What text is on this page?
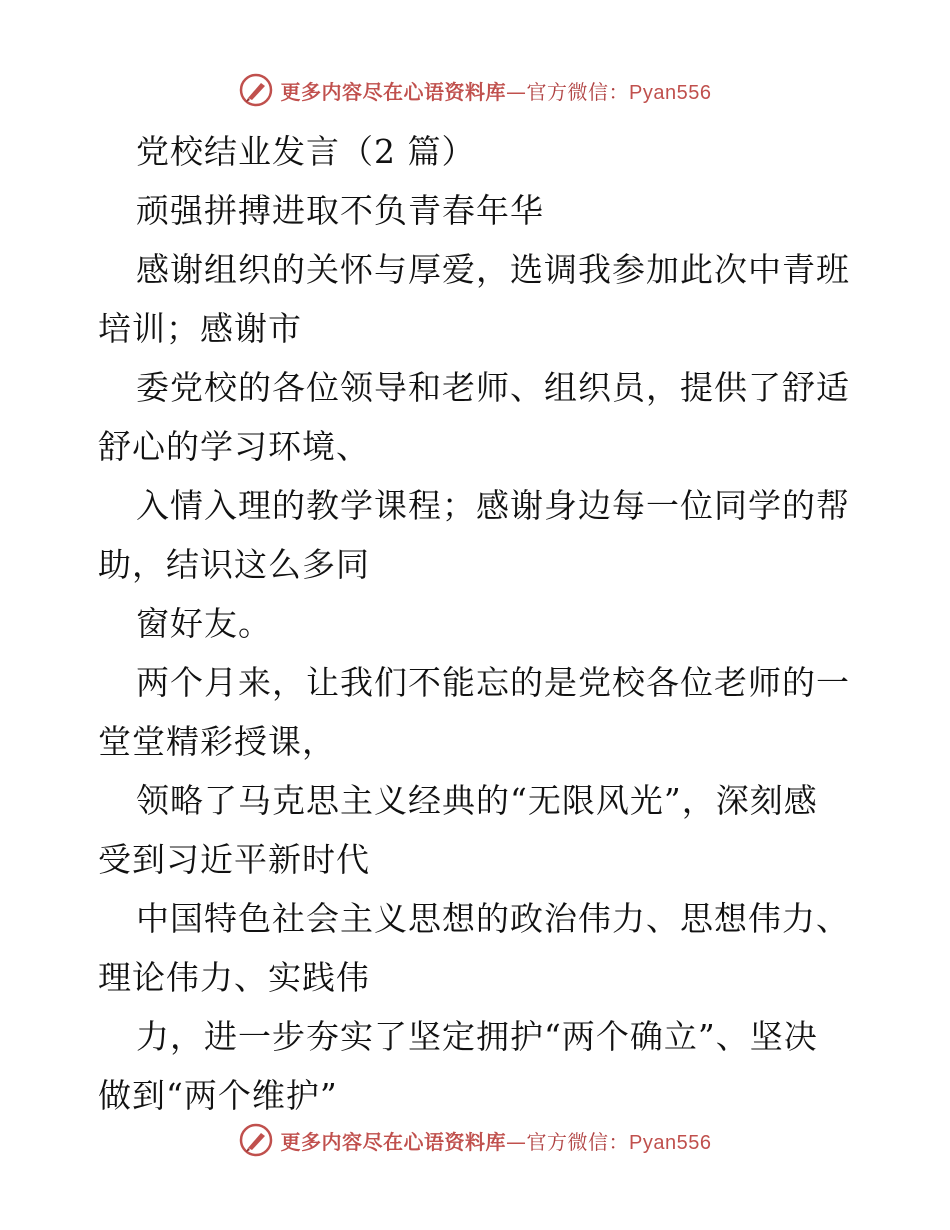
更多内容尽在心语资料库—官方微信：Pyan556
党校结业发言（2 篇）
顽强拼搏进取不负青春年华
感谢组织的关怀与厚爱，选调我参加此次中青班
培训；感谢市
委党校的各位领导和老师、组织员，提供了舒适
舒心的学习环境、
入情入理的教学课程；感谢身边每一位同学的帮
助，结识这么多同
窗好友。
两个月来，让我们不能忘的是党校各位老师的一
堂堂精彩授课，
领略了马克思主义经典的“无限风光”，深刻感
受到习近平新时代
中国特色社会主义思想的政治伟力、思想伟力、
理论伟力、实践伟
力，进一步夯实了坚定拥护“两个确立”、坚决
做到“两个维护”
更多内容尽在心语资料库—官方微信：Pyan556
